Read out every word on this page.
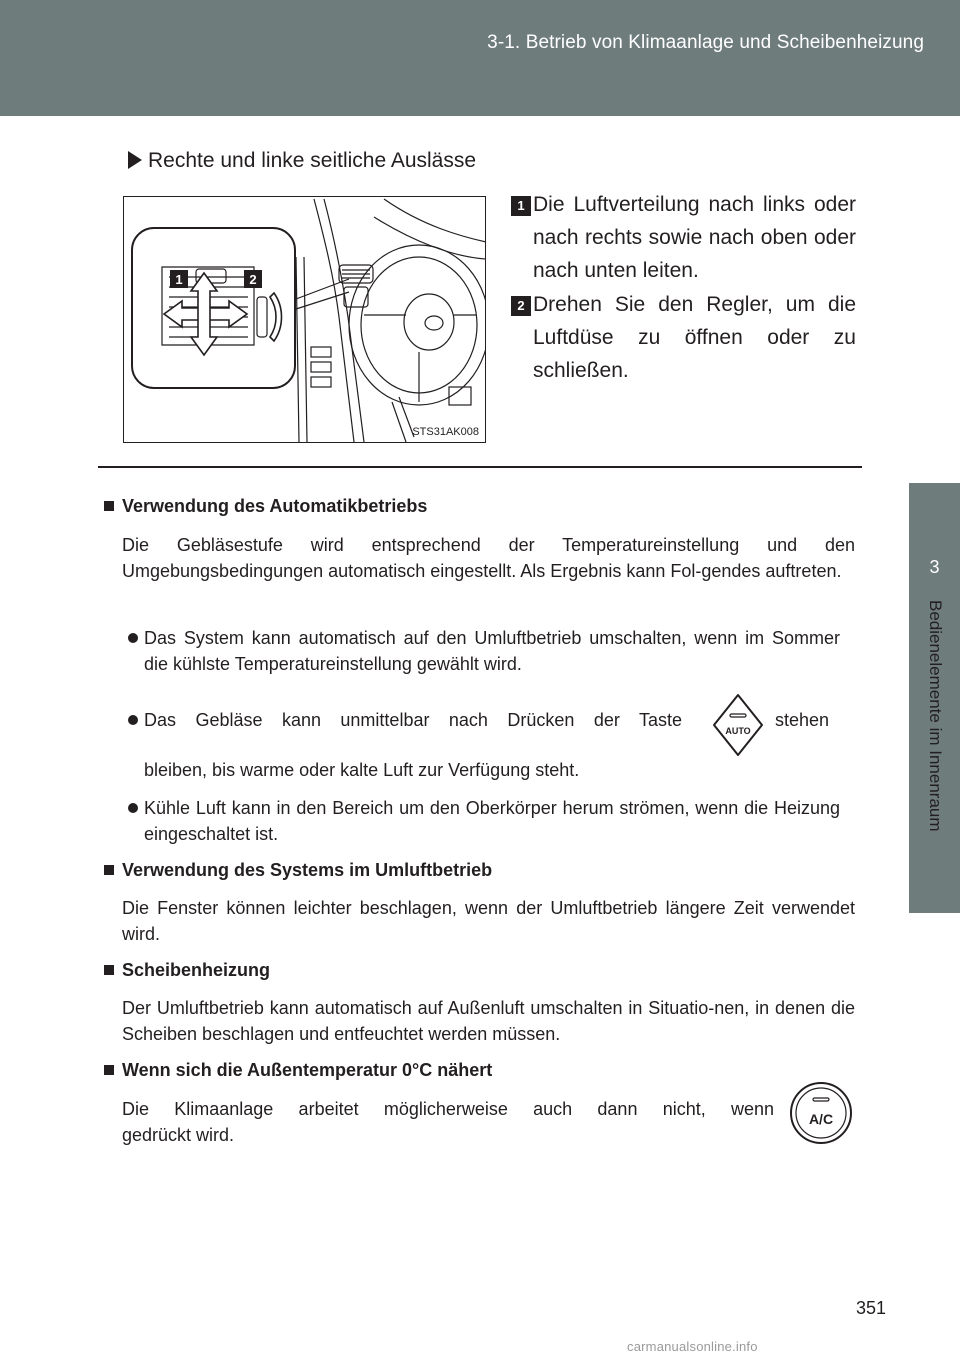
3-1. Betrieb von Klimaanlage und Scheibenheizung
3
Bedienelemente im Innenraum
Rechte und linke seitliche Auslässe
1	2
STS31AK008
1 Die Luftverteilung nach links oder nach rechts sowie nach oben oder nach unten leiten.
2 Drehen Sie den Regler, um die Luftdüse zu öffnen oder zu schließen.
Verwendung des Automatikbetriebs
Die Gebläsestufe wird entsprechend der Temperatureinstellung und den Umgebungsbedingungen automatisch eingestellt. Als Ergebnis kann Fol-gendes auftreten.
Das System kann automatisch auf den Umluftbetrieb umschalten, wenn im Sommer die kühlste Temperatureinstellung gewählt wird.
Das Gebläse kann unmittelbar nach Drücken der Taste	stehen
AUTO
bleiben, bis warme oder kalte Luft zur Verfügung steht.
Kühle Luft kann in den Bereich um den Oberkörper herum strömen, wenn die Heizung eingeschaltet ist.
Verwendung des Systems im Umluftbetrieb
Die Fenster können leichter beschlagen, wenn der Umluftbetrieb längere Zeit verwendet wird.
Scheibenheizung
Der Umluftbetrieb kann automatisch auf Außenluft umschalten in Situatio-nen, in denen die Scheiben beschlagen und entfeuchtet werden müssen.
Wenn sich die Außentemperatur 0°C nähert
Die Klimaanlage arbeitet möglicherweise auch dann nicht, wenn
gedrückt wird.
A/C
351
carmanualsonline.info
